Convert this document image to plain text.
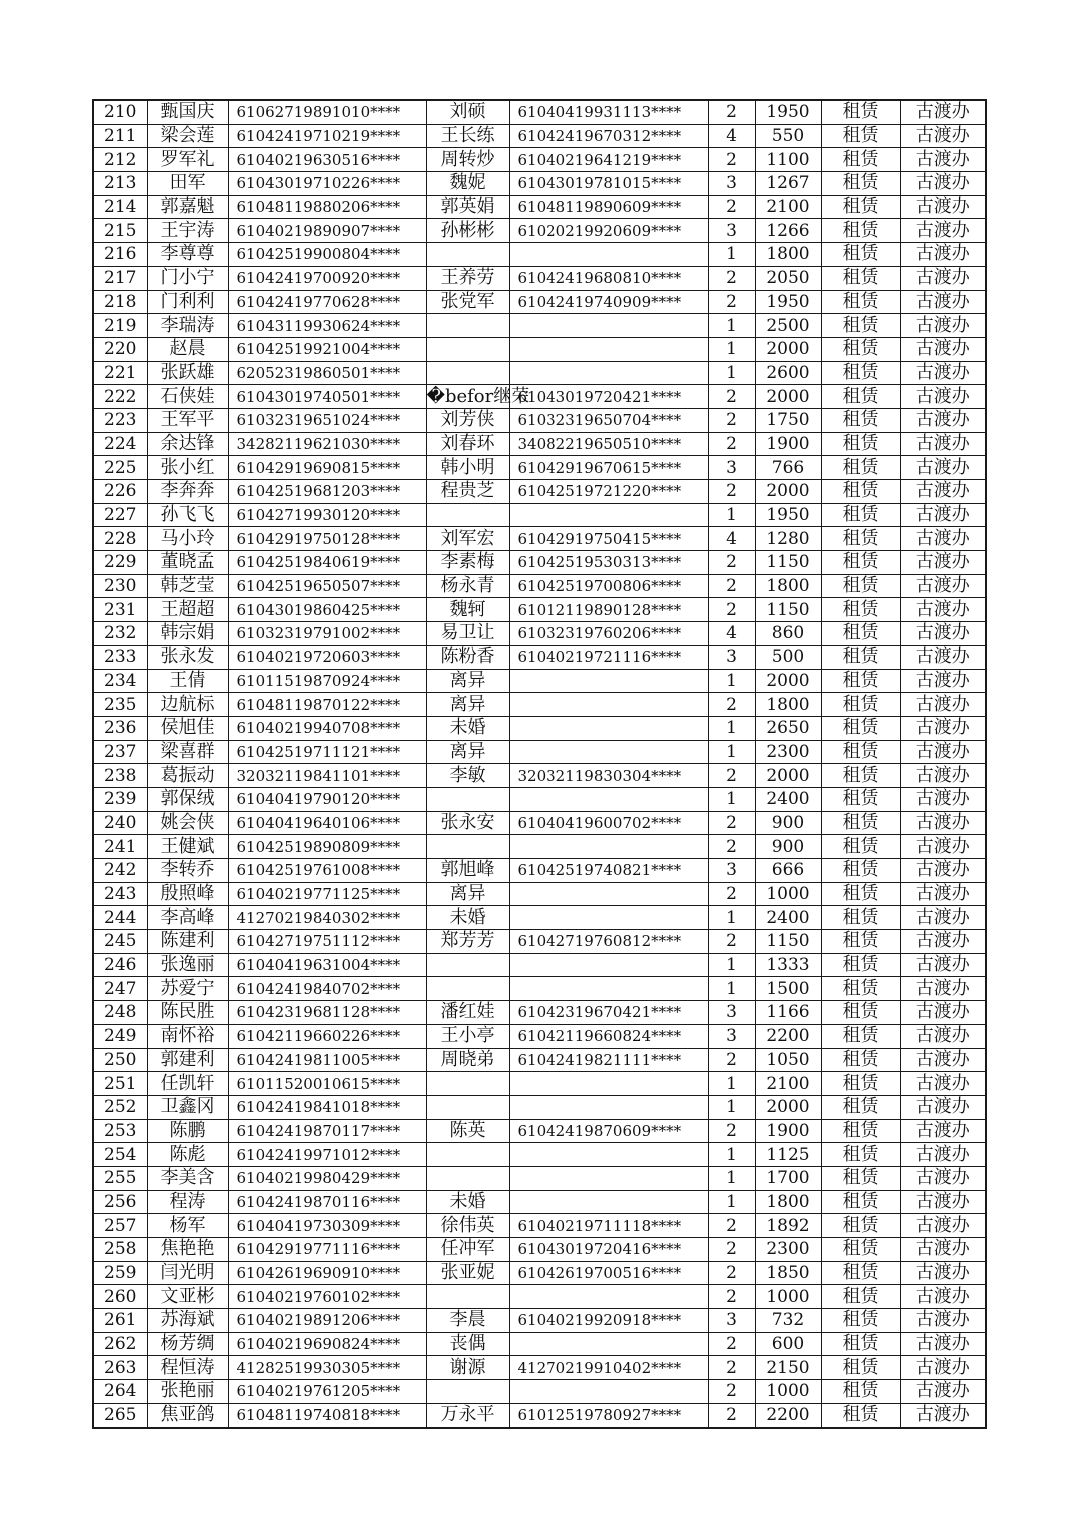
210	甄国庆	61062719891010****	刘硕	61040419931113****	2	1950	租赁	古渡办
211	梁会莲	61042419710219****	王长练	61042419670312****	4	550	租赁	古渡办
212	罗军礼	61040219630516****	周转炒	61040219641219****	2	1100	租赁	古渡办
213	田军	61043019710226****	魏妮	61043019781015****	3	1267	租赁	古渡办
214	郭嘉魁	61048119880206****	郭英娟	61048119890609****	2	2100	租赁	古渡办
215	王宇涛	61040219890907****	孙彬彬	61020219920609****	3	1266	租赁	古渡办
216	李尊尊	61042519900804****			1	1800	租赁	古渡办
217	门小宁	61042419700920****	王养劳	61042419680810****	2	2050	租赁	古渡办
218	门利利	61042419770628****	张党军	61042419740909****	2	1950	租赁	古渡办
219	李瑞涛	61043119930624****			1	2500	租赁	古渡办
220	赵晨	61042519921004****			1	2000	租赁	古渡办
221	张跃雄	62052319860501****			1	2600	租赁	古渡办
222	石侠娃	61043019740501****	�befor继荣	61043019720421****	2	2000	租赁	古渡办
223	王军平	61032319651024****	刘芳侠	61032319650704****	2	1750	租赁	古渡办
224	余达锋	34282119621030****	刘春环	34082219650510****	2	1900	租赁	古渡办
225	张小红	61042919690815****	韩小明	61042919670615****	3	766	租赁	古渡办
226	李奔奔	61042519681203****	程贵芝	61042519721220****	2	2000	租赁	古渡办
227	孙飞飞	61042719930120****			1	1950	租赁	古渡办
228	马小玲	61042919750128****	刘军宏	61042919750415****	4	1280	租赁	古渡办
229	董晓孟	61042519840619****	李素梅	61042519530313****	2	1150	租赁	古渡办
230	韩芝莹	61042519650507****	杨永青	61042519700806****	2	1800	租赁	古渡办
231	王超超	61043019860425****	魏轲	61012119890128****	2	1150	租赁	古渡办
232	韩宗娟	61032319791002****	易卫让	61032319760206****	4	860	租赁	古渡办
233	张永发	61040219720603****	陈粉香	61040219721116****	3	500	租赁	古渡办
234	王倩	61011519870924****	离异		1	2000	租赁	古渡办
235	边航标	61048119870122****	离异		2	1800	租赁	古渡办
236	侯旭佳	61040219940708****	未婚		1	2650	租赁	古渡办
237	梁喜群	61042519711121****	离异		1	2300	租赁	古渡办
238	葛振动	32032119841101****	李敏	32032119830304****	2	2000	租赁	古渡办
239	郭保绒	61040419790120****			1	2400	租赁	古渡办
240	姚会侠	61040419640106****	张永安	61040419600702****	2	900	租赁	古渡办
241	王健斌	61042519890809****			2	900	租赁	古渡办
242	李转乔	61042519761008****	郭旭峰	61042519740821****	3	666	租赁	古渡办
243	殷照峰	61040219771125****	离异		2	1000	租赁	古渡办
244	李高峰	41270219840302****	未婚		1	2400	租赁	古渡办
245	陈建利	61042719751112****	郑芳芳	61042719760812****	2	1150	租赁	古渡办
246	张逸丽	61040419631004****			1	1333	租赁	古渡办
247	苏爱宁	61042419840702****			1	1500	租赁	古渡办
248	陈民胜	61042319681128****	潘红娃	61042319670421****	3	1166	租赁	古渡办
249	南怀裕	61042119660226****	王小亭	61042119660824****	3	2200	租赁	古渡办
250	郭建利	61042419811005****	周晓弟	61042419821111****	2	1050	租赁	古渡办
251	任凯轩	61011520010615****			1	2100	租赁	古渡办
252	卫鑫冈	61042419841018****			1	2000	租赁	古渡办
253	陈鹏	61042419870117****	陈英	61042419870609****	2	1900	租赁	古渡办
254	陈彪	61042419971012****			1	1125	租赁	古渡办
255	李美含	61040219980429****			1	1700	租赁	古渡办
256	程涛	61042419870116****	未婚		1	1800	租赁	古渡办
257	杨军	61040419730309****	徐伟英	61040219711118****	2	1892	租赁	古渡办
258	焦艳艳	61042919771116****	任冲军	61043019720416****	2	2300	租赁	古渡办
259	闫光明	61042619690910****	张亚妮	61042619700516****	2	1850	租赁	古渡办
260	文亚彬	61040219760102****			2	1000	租赁	古渡办
261	苏海斌	61040219891206****	李晨	61040219920918****	3	732	租赁	古渡办
262	杨芳绸	61040219690824****	丧偶		2	600	租赁	古渡办
263	程恒涛	41282519930305****	谢源	41270219910402****	2	2150	租赁	古渡办
264	张艳丽	61040219761205****			2	1000	租赁	古渡办
265	焦亚鸽	61048119740818****	万永平	61012519780927****	2	2200	租赁	古渡办
